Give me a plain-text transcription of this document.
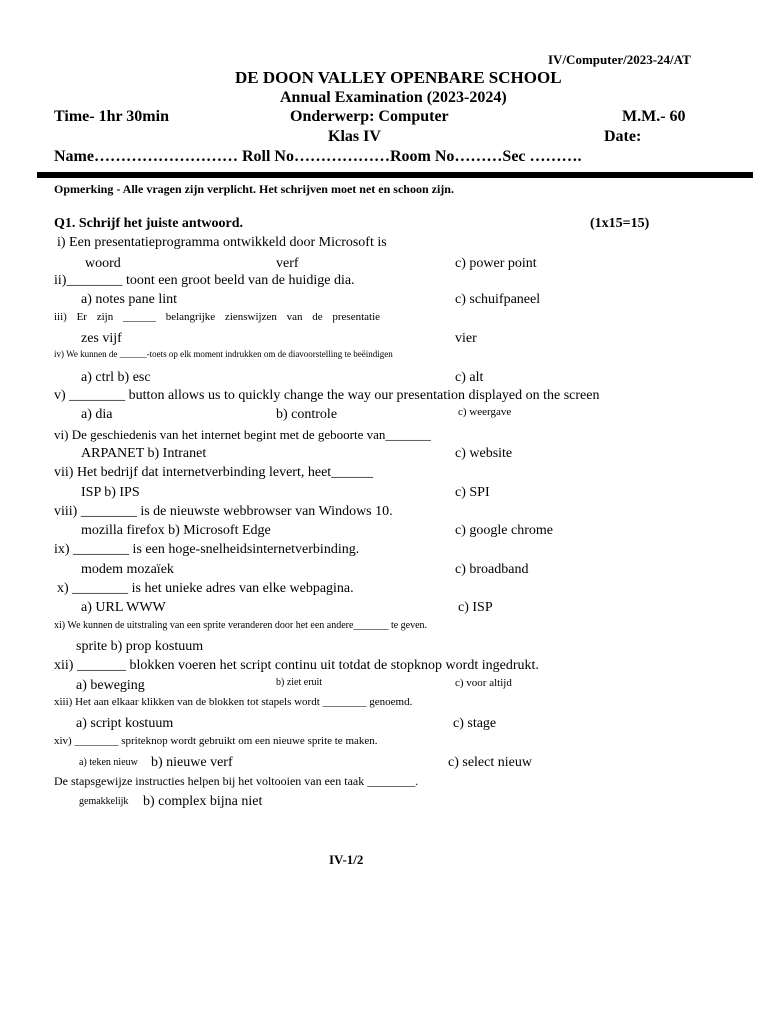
IV/Computer/2023-24/AT
DE DOON VALLEY OPENBARE SCHOOL
Annual Examination (2023-2024)
Time- 1hr 30min	Onderwerp: Computer	M.M.- 60
Klas IV	Date:
Name……………………… Roll No………………Room No………Sec ……….
Opmerking - Alle vragen zijn verplicht. Het schrijven moet net en schoon zijn.
Q1. Schrijf het juiste antwoord.	(1x15=15)
i) Een presentatieprogramma ontwikkeld door Microsoft is
woord	verf	c) power point
ii)________ toont een groot beeld van de huidige dia.
a) notes pane lint	c) schuifpaneel
iii) Er zijn ______ belangrijke zienswijzen van de presentatie
zes vijf	vier
iv) We kunnen de ______-toets op elk moment indrukken om de diavoorstelling te beëindigen
a) ctrl b) esc	c) alt
v) ________ button allows us to quickly change the way our presentation displayed on the screen
a) dia	b) controle	c) weergave
vi) De geschiedenis van het internet begint met de geboorte van_______
ARPANET b) Intranet	c) website
vii) Het bedrijf dat internetverbinding levert, heet______
ISP b) IPS	c) SPI
viii) ________ is de nieuwste webbrowser van Windows 10.
mozilla firefox b) Microsoft Edge	c) google chrome
ix) ________ is een hoge-snelheidsinternetverbinding.
modem mozaïek	c) broadband
x) ________ is het unieke adres van elke webpagina.
a) URL WWW	c) ISP
xi) We kunnen de uitstraling van een sprite veranderen door het een andere_______ te geven.
sprite b) prop kostuum
xii) _______ blokken voeren het script continu uit totdat de stopknop wordt ingedrukt.
a) beweging	b) ziet eruit	c) voor altijd
xiii) Het aan elkaar klikken van de blokken tot stapels wordt ________ genoemd.
a) script kostuum	c) stage
xiv) ________ spriteknop wordt gebruikt om een nieuwe sprite te maken.
a) teken nieuw b) nieuwe verf	c) select nieuw
De stapsgewijze instructies helpen bij het voltooien van een taak ________.
gemakkelijk b) complex bijna niet
IV-1/2
